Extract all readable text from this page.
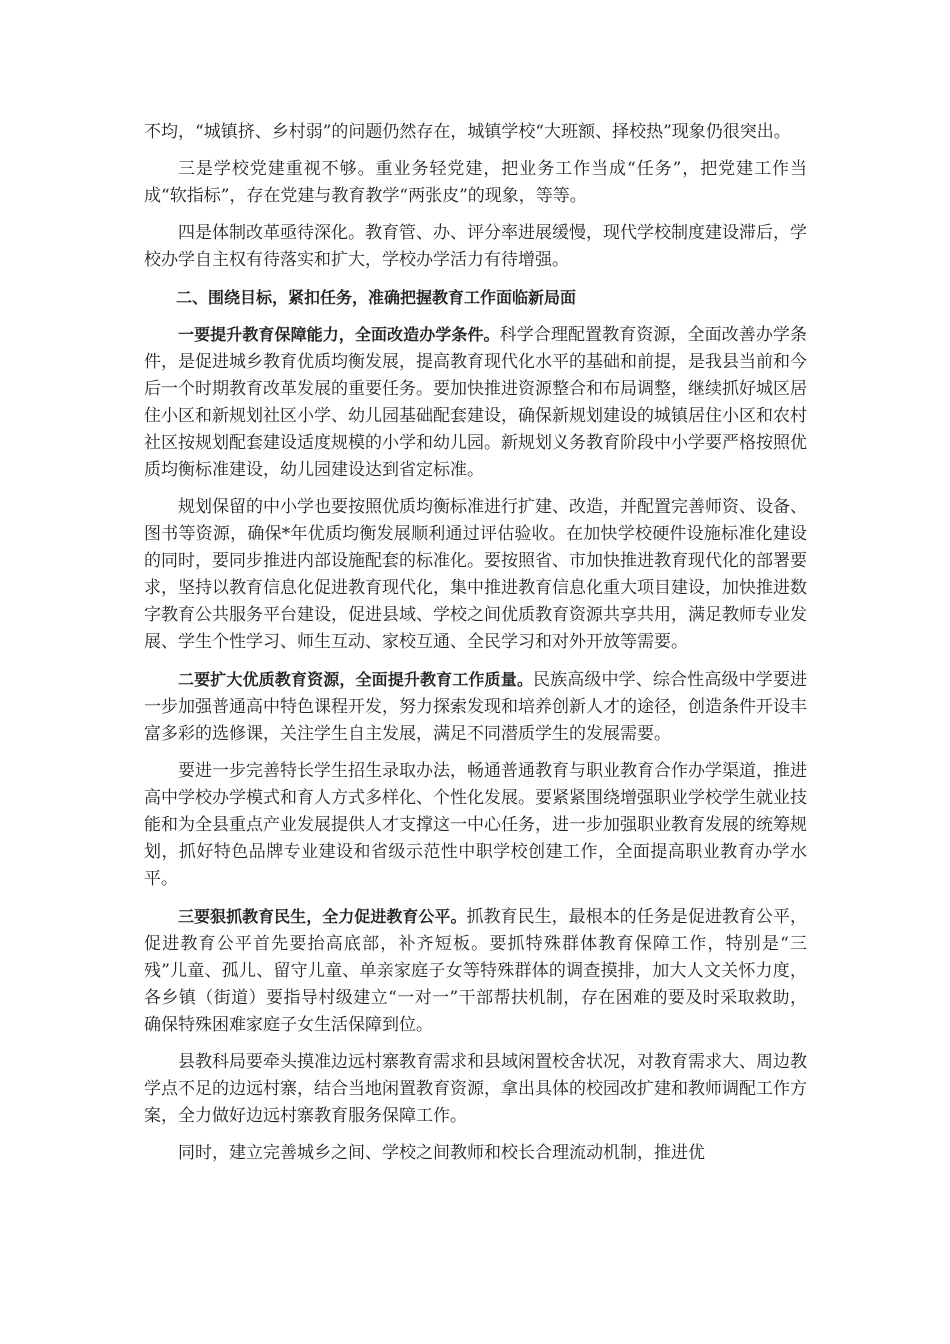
不均，“城镇挤、乡村弱”的问题仍然存在，城镇学校“大班额、择校热”现象仍很突出。

三是学校党建重视不够。重业务轻党建，把业务工作当成“任务”，把党建工作当成“软指标”，存在党建与教育教学“两张皮”的现象，等等。

四是体制改革亟待深化。教育管、办、评分率进展缓慢，现代学校制度建设滞后，学校办学自主权有待落实和扩大，学校办学活力有待增强。

二、围绕目标，紧扣任务，准确把握教育工作面临新局面

一要提升教育保障能力，全面改造办学条件。科学合理配置教育资源，全面改善办学条件，是促进城乡教育优质均衡发展，提高教育现代化水平的基础和前提，是我县当前和今后一个时期教育改革发展的重要任务。要加快推进资源整合和布局调整，继续抓好城区居住小区和新规划社区小学、幼儿园基础配套建设，确保新规划建设的城镇居住小区和农村社区按规划配套建设适度规模的小学和幼儿园。新规划义务教育阶段中小学要严格按照优质均衡标准建设，幼儿园建设达到省定标准。

规划保留的中小学也要按照优质均衡标准进行扩建、改造，并配置完善师资、设备、图书等资源，确保*年优质均衡发展顺利通过评估验收。在加快学校硬件设施标准化建设的同时，要同步推进内部设施配套的标准化。要按照省、市加快推进教育现代化的部署要求，坚持以教育信息化促进教育现代化，集中推进教育信息化重大项目建设，加快推进数字教育公共服务平台建设，促进县域、学校之间优质教育资源共享共用，满足教师专业发展、学生个性学习、师生互动、家校互通、全民学习和对外开放等需要。

二要扩大优质教育资源，全面提升教育工作质量。民族高级中学、综合性高级中学要进一步加强普通高中特色课程开发，努力探索发现和培养创新人才的途径，创造条件开设丰富多彩的选修课，关注学生自主发展，满足不同潜质学生的发展需要。

要进一步完善特长学生招生录取办法，畅通普通教育与职业教育合作办学渠道，推进高中学校办学模式和育人方式多样化、个性化发展。要紧紧围绕增强职业学校学生就业技能和为全县重点产业发展提供人才支撑这一中心任务，进一步加强职业教育发展的统筹规划，抓好特色品牌专业建设和省级示范性中职学校创建工作，全面提高职业教育办学水平。

三要狠抓教育民生，全力促进教育公平。抓教育民生，最根本的任务是促进教育公平，促进教育公平首先要抬高底部，补齐短板。要抓特殊群体教育保障工作，特别是“三残”儿童、孤儿、留守儿童、单亲家庭子女等特殊群体的调查摸排，加大人文关怀力度，各乡镇（街道）要指导村级建立“一对一”干部帮扶机制，存在困难的要及时采取救助，确保特殊困难家庭子女生活保障到位。

县教科局要牵头摸准边远村寨教育需求和县域闲置校舍状况，对教育需求大、周边教学点不足的边远村寨，结合当地闲置教育资源，拿出具体的校园改扩建和教师调配工作方案，全力做好边远村寨教育服务保障工作。

同时，建立完善城乡之间、学校之间教师和校长合理流动机制，推进优
